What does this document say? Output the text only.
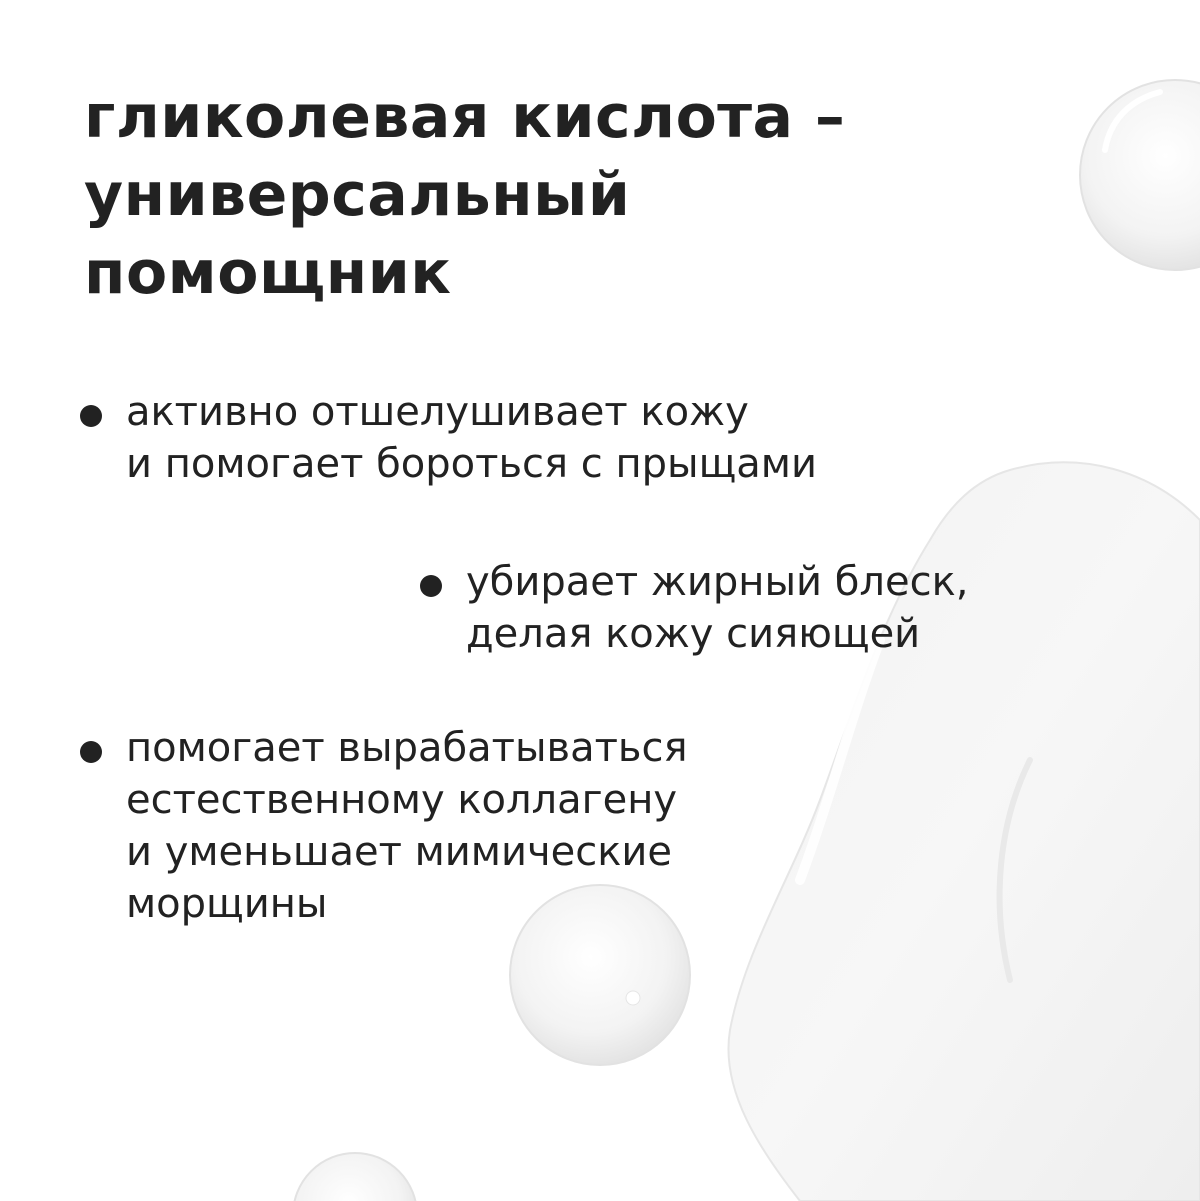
гликолевая кислота –
универсальный
помощник
активно отшелушивает кожу
и помогает бороться с прыщами
убирает жирный блеск,
делая кожу сияющей
помогает вырабатываться
естественному коллагену
и уменьшает мимические
морщины
